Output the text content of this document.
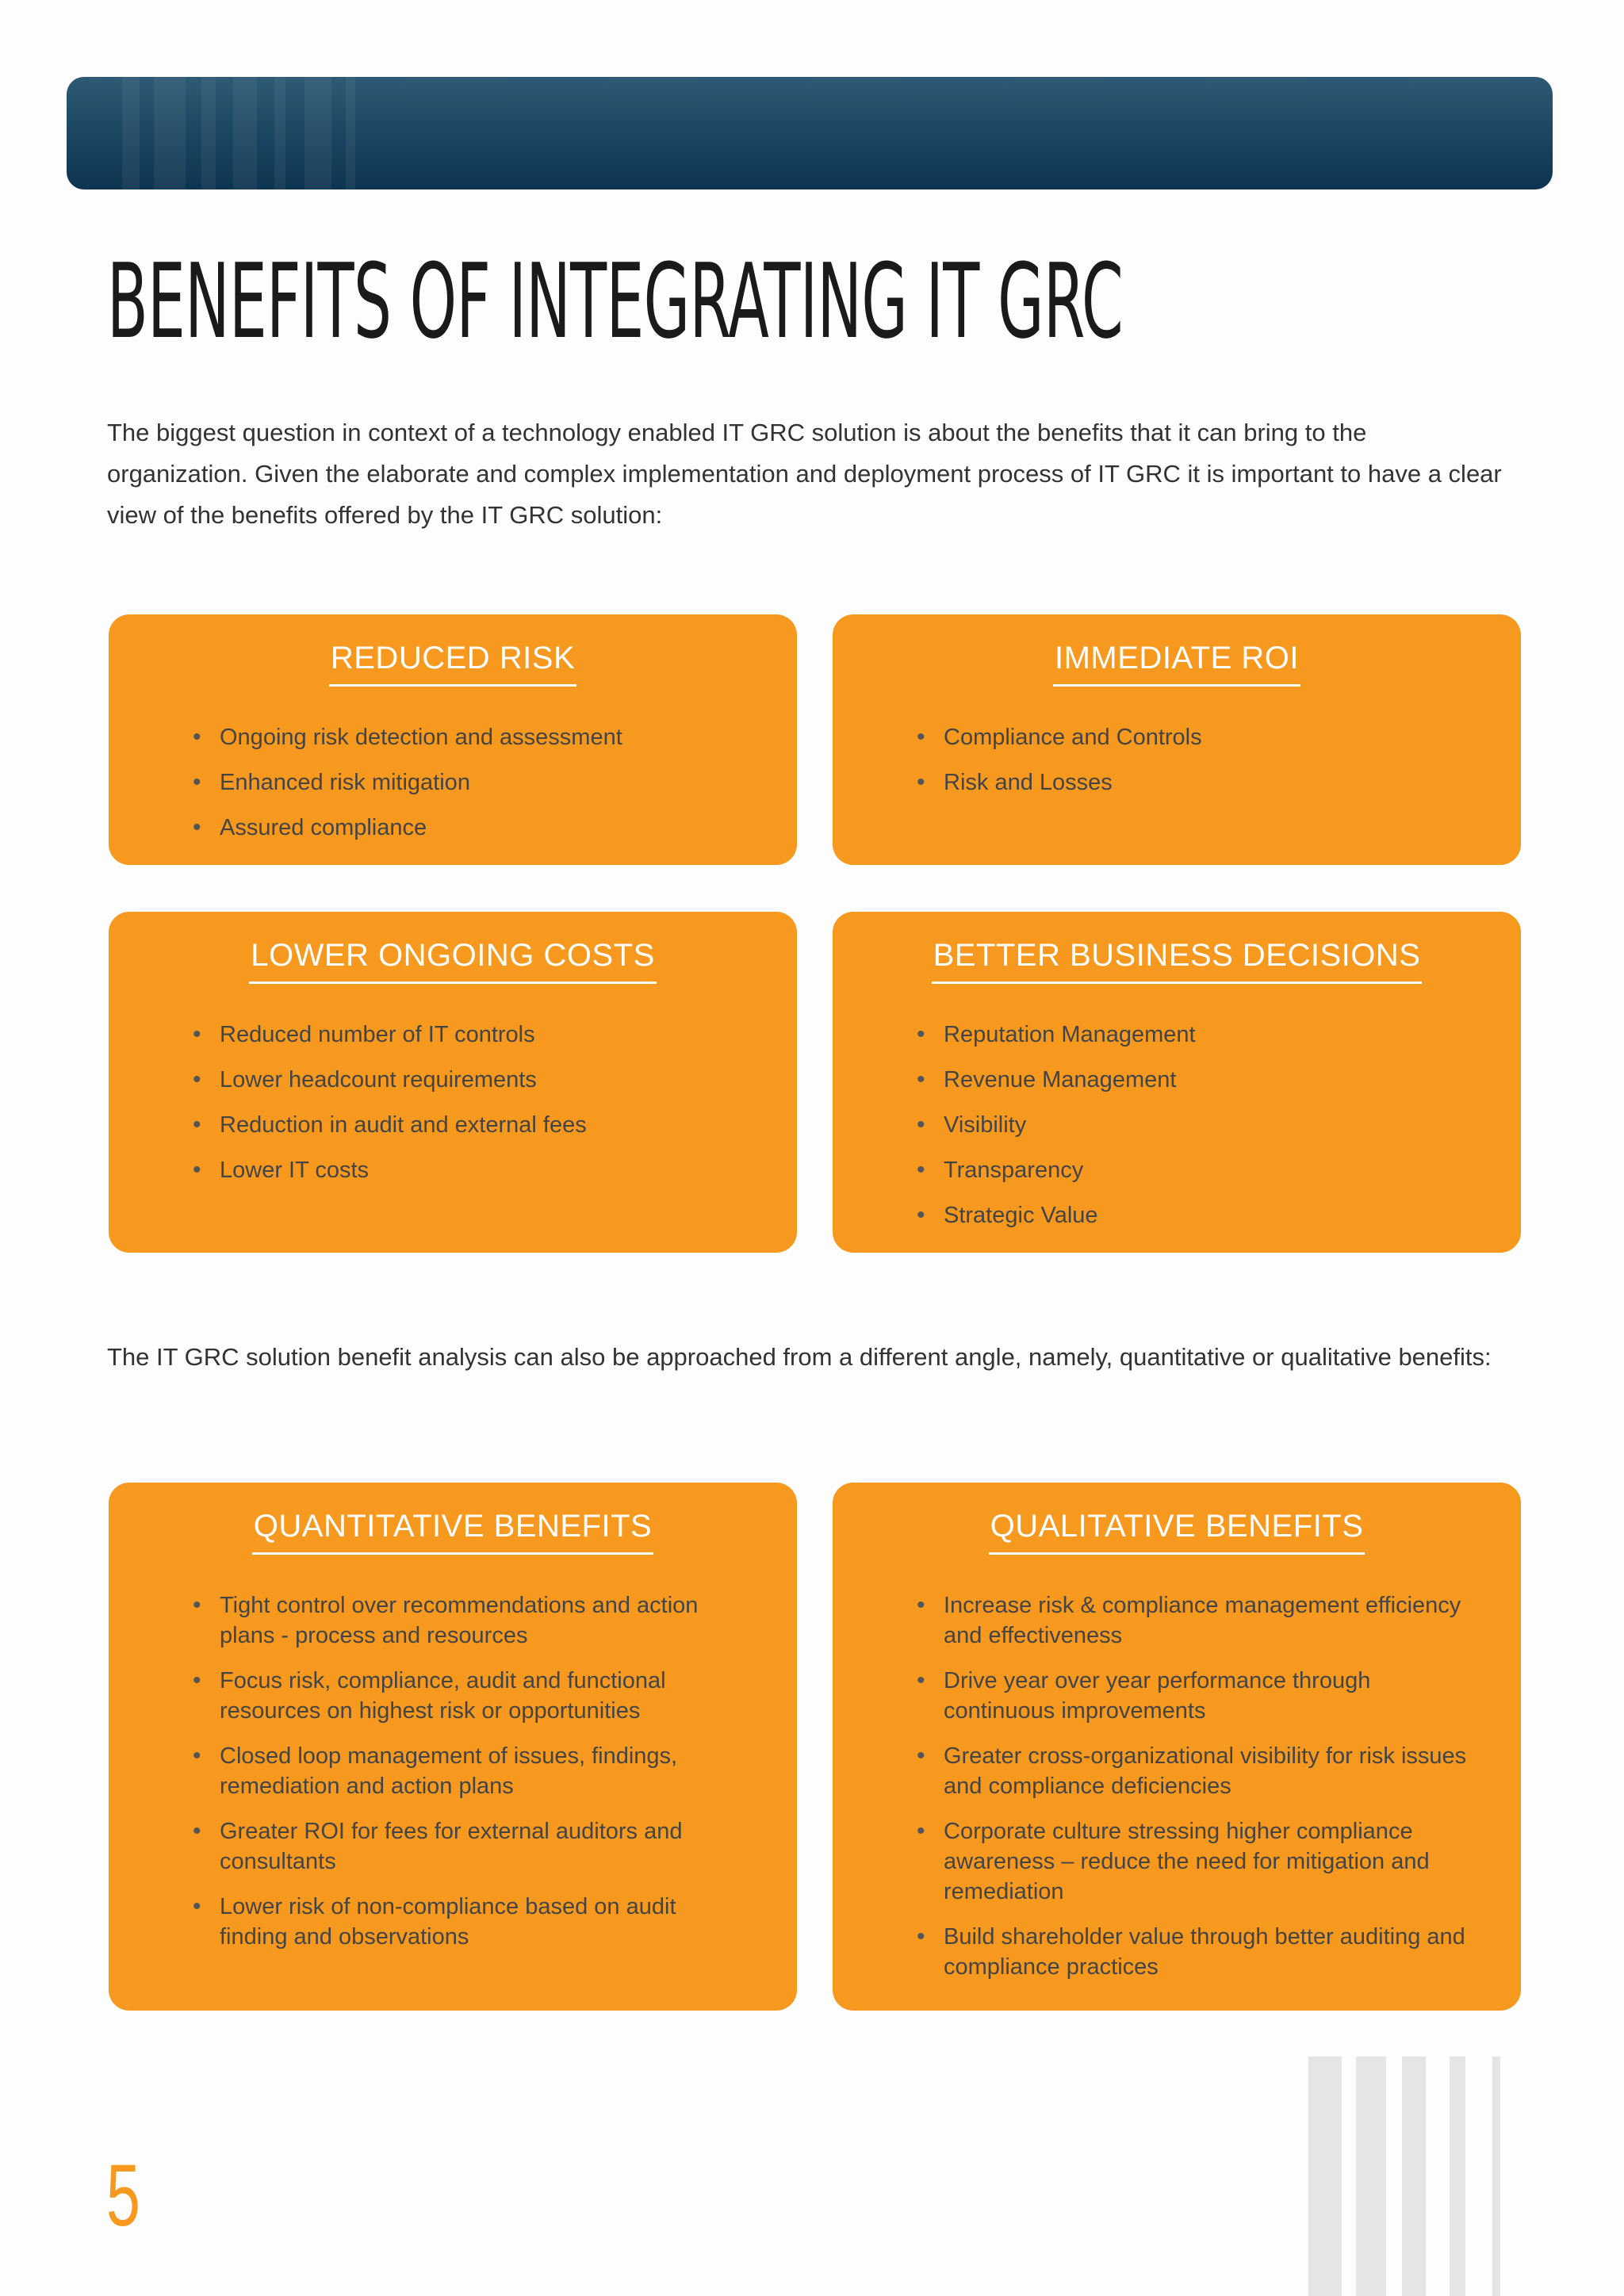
BENEFITS OF INTEGRATING IT GRC

The biggest question in context of a technology enabled IT GRC solution is about the benefits that it can bring to the organization. Given the elaborate and complex implementation and deployment process of IT GRC it is important to have a clear view of the benefits offered by the IT GRC solution:

REDUCED RISK
• Ongoing risk detection and assessment
• Enhanced risk mitigation
• Assured compliance
IMMEDIATE ROI
• Compliance and Controls
• Risk and Losses
LOWER ONGOING COSTS
• Reduced number of IT controls
• Lower headcount requirements
• Reduction in audit and external fees
• Lower IT costs
BETTER BUSINESS DECISIONS
• Reputation Management
• Revenue Management
• Visibility
• Transparency
• Strategic Value

The IT GRC solution benefit analysis can also be approached from a different angle, namely, quantitative or qualitative benefits:

QUANTITATIVE BENEFITS
• Tight control over recommendations and action plans - process and resources
• Focus risk, compliance, audit and functional resources on highest risk or opportunities
• Closed loop management of issues, findings, remediation and action plans
• Greater ROI for fees for external auditors and consultants
• Lower risk of non-compliance based on audit finding and observations
QUALITATIVE BENEFITS
• Increase risk & compliance management efficiency and effectiveness
• Drive year over year performance through continuous improvements
• Greater cross-organizational visibility for risk issues and compliance deficiencies
• Corporate culture stressing higher compliance awareness – reduce the need for mitigation and remediation
• Build shareholder value through better auditing and compliance practices
5
